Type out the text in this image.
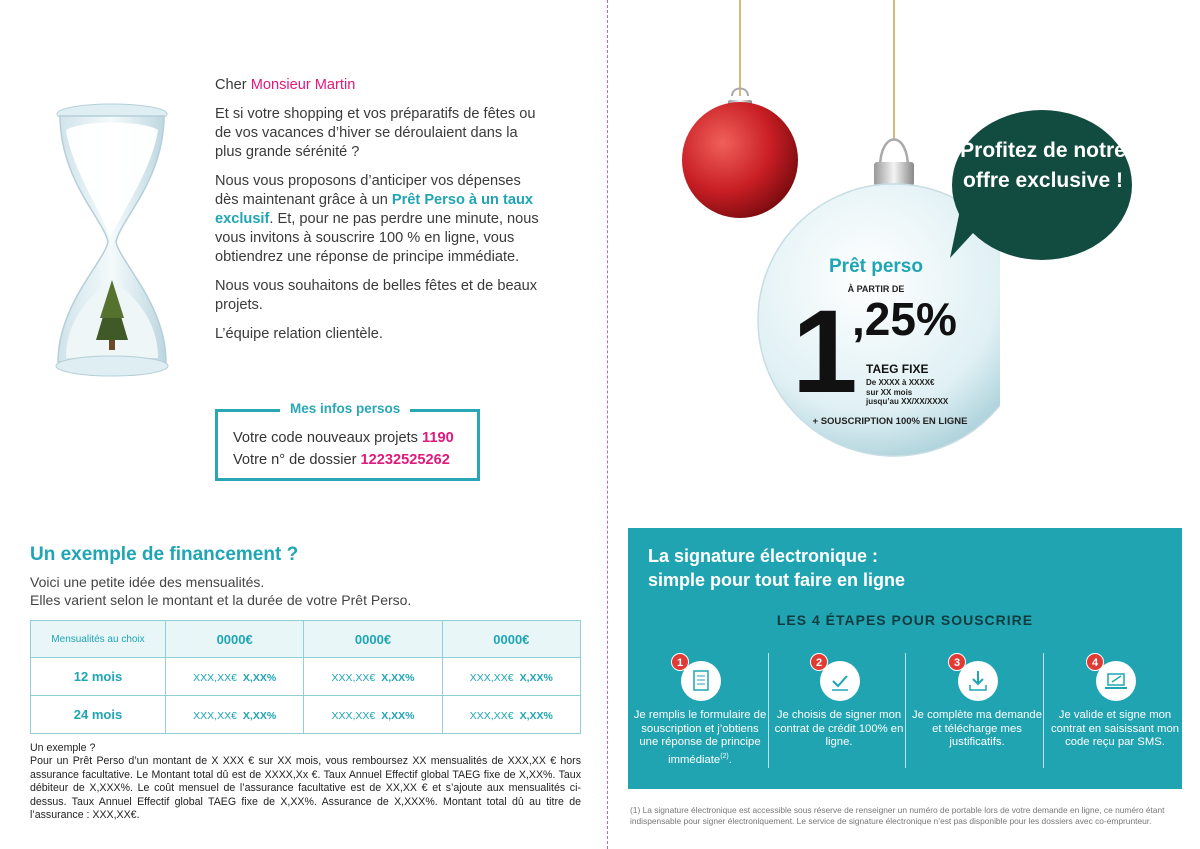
Cher Monsieur Martin

Et si votre shopping et vos préparatifs de fêtes ou de vos vacances d’hiver se déroulaient dans la plus grande sérénité ?

Nous vous proposons d’anticiper vos dépenses dès maintenant grâce à un Prêt Perso à un taux exclusif. Et, pour ne pas perdre une minute, nous vous invitons à souscrire 100 % en ligne, vous obtiendrez une réponse de principe immédiate.

Nous vous souhaitons de belles fêtes et de beaux projets.

L’équipe relation clientèle.

Mes infos persos
Votre code nouveaux projets 1190
Votre n° de dossier 12232525262
Un exemple de financement ?
Voici une petite idée des mensualités.
Elles varient selon le montant et la durée de votre Prêt Perso.
Mensualités au choix	0000€	0000€	0000€
12 mois	XXX,XX€ X,XX%	XXX,XX€ X,XX%	XXX,XX€ X,XX%
24 mois	XXX,XX€ X,XX%	XXX,XX€ X,XX%	XXX,XX€ X,XX%
Un exemple ?
Pour un Prêt Perso d’un montant de X XXX € sur XX mois, vous remboursez XX mensualités de XXX,XX € hors assurance facultative. Le Montant total dû est de XXXX,Xx €. Taux Annuel Effectif global TAEG fixe de X,XX%. Taux débiteur de X,XXX%. Le coût mensuel de l’assurance facultative est de XX,XX € et s’ajoute aux mensualités ci-dessus. Taux Annuel Effectif global TAEG fixe de X,XX%. Assurance de X,XXX%. Montant total dû au titre de l’assurance : XXX,XX€.
Profitez de notre offre exclusive !
Prêt perso
À PARTIR DE
1
,25%
TAEG FIXE
De XXXX à XXXX€
sur XX mois
jusqu’au XX/XX/XXXX
+ SOUSCRIPTION 100% EN LIGNE
La signature électronique :
simple pour tout faire en ligne
LES 4 ÉTAPES POUR SOUSCRIRE
1
Je remplis le formulaire de souscription et j’obtiens une réponse de principe immédiate$^{(2)}$.
2
Je choisis de signer mon contrat de crédit 100% en ligne.
3
Je complète ma demande et télécharge mes justificatifs.
4
Je valide et signe mon contrat en saisissant mon code reçu par SMS.
(1) La signature électronique est accessible sous réserve de renseigner un numéro de portable lors de votre demande en ligne, ce numéro étant indispensable pour signer électroniquement. Le service de signature électronique n’est pas disponible pour les dossiers avec co-emprunteur.
